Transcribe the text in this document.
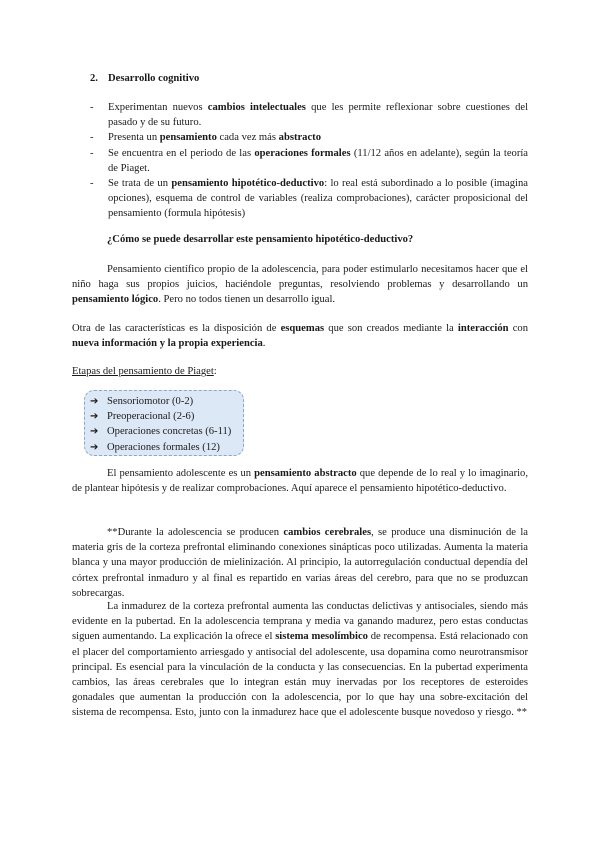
2. Desarrollo cognitivo
- Experimentan nuevos cambios intelectuales que les permite reflexionar sobre cuestiones del pasado y de su futuro.
- Presenta un pensamiento cada vez más abstracto
- Se encuentra en el periodo de las operaciones formales (11/12 años en adelante), según la teoría de Piaget.
- Se trata de un pensamiento hipotético-deductivo: lo real está subordinado a lo posible (imagina opciones), esquema de control de variables (realiza comprobaciones), carácter proposicional del pensamiento (formula hipótesis)
¿Cómo se puede desarrollar este pensamiento hipotético-deductivo?
Pensamiento científico propio de la adolescencia, para poder estimularlo necesitamos hacer que el niño haga sus propios juicios, haciéndole preguntas, resolviendo problemas y desarrollando un pensamiento lógico. Pero no todos tienen un desarrollo igual.
Otra de las características es la disposición de esquemas que son creados mediante la interacción con nueva información y la propia experiencia.
Etapas del pensamiento de Piaget:
➔ Sensoriomotor (0-2)
➔ Preoperacional (2-6)
➔ Operaciones concretas (6-11)
➔ Operaciones formales (12)
El pensamiento adolescente es un pensamiento abstracto que depende de lo real y lo imaginario, de plantear hipótesis y de realizar comprobaciones. Aquí aparece el pensamiento hipotético-deductivo.
**Durante la adolescencia se producen cambios cerebrales, se produce una disminución de la materia gris de la corteza prefrontal eliminando conexiones sinápticas poco utilizadas. Aumenta la materia blanca y una mayor producción de mielinización. Al principio, la autorregulación conductual dependía del córtex prefrontal inmaduro y al final es repartido en varias áreas del cerebro, para que no se produzcan sobrecargas.
La inmadurez de la corteza prefrontal aumenta las conductas delictivas y antisociales, siendo más evidente en la pubertad. En la adolescencia temprana y media va ganando madurez, pero estas conductas siguen aumentando. La explicación la ofrece el sistema mesolímbico de recompensa. Está relacionado con el placer del comportamiento arriesgado y antisocial del adolescente, usa dopamina como neurotransmisor principal. Es esencial para la vinculación de la conducta y las consecuencias. En la pubertad experimenta cambios, las áreas cerebrales que lo integran están muy inervadas por los receptores de esteroides gonadales que aumentan la producción con la adolescencia, por lo que hay una sobre-excitación del sistema de recompensa. Esto, junto con la inmadurez hace que el adolescente busque novedoso y riesgo. **
